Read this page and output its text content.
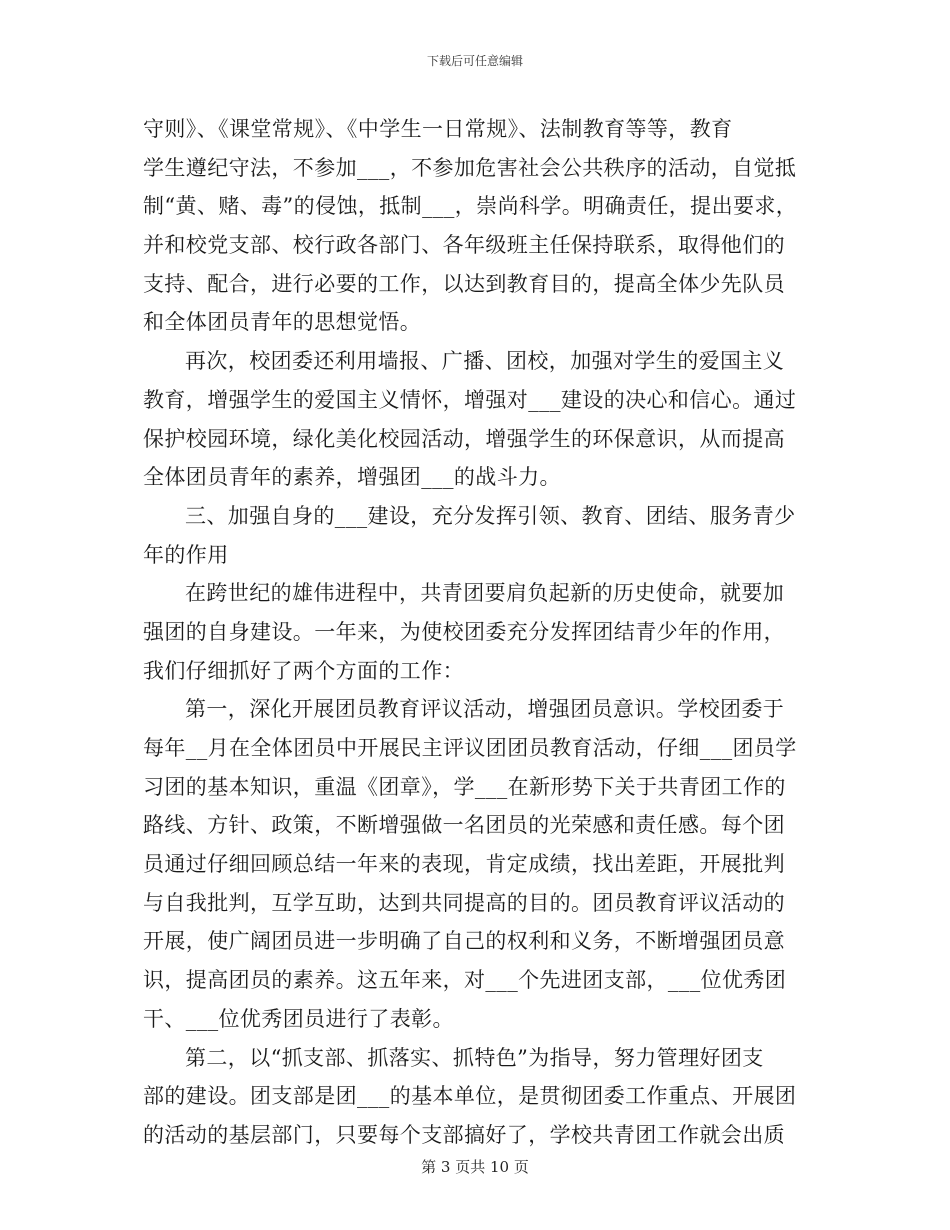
下载后可任意编辑
守则》、《课堂常规》、《中学生一日常规》、法制教育等等，教育
学生遵纪守法，不参加___，不参加危害社会公共秩序的活动，自觉抵
制“黄、赌、毒”的侵蚀，抵制___，崇尚科学。明确责任，提出要求，
并和校党支部、校行政各部门、各年级班主任保持联系，取得他们的
支持、配合，进行必要的工作，以达到教育目的，提高全体少先队员
和全体团员青年的思想觉悟。
再次，校团委还利用墙报、广播、团校，加强对学生的爱国主义
教育，增强学生的爱国主义情怀，增强对___建设的决心和信心。通过
保护校园环境，绿化美化校园活动，增强学生的环保意识，从而提高
全体团员青年的素养，增强团___的战斗力。
三、加强自身的___建设，充分发挥引领、教育、团结、服务青少
年的作用
在跨世纪的雄伟进程中，共青团要肩负起新的历史使命，就要加
强团的自身建设。一年来，为使校团委充分发挥团结青少年的作用，
我们仔细抓好了两个方面的工作：
第一，深化开展团员教育评议活动，增强团员意识。学校团委于
每年__月在全体团员中开展民主评议团团员教育活动，仔细___团员学
习团的基本知识，重温《团章》，学___在新形势下关于共青团工作的
路线、方针、政策，不断增强做一名团员的光荣感和责任感。每个团
员通过仔细回顾总结一年来的表现，肯定成绩，找出差距，开展批判
与自我批判，互学互助，达到共同提高的目的。团员教育评议活动的
开展，使广阔团员进一步明确了自己的权利和义务，不断增强团员意
识，提高团员的素养。这五年来，对___个先进团支部，___位优秀团
干、___位优秀团员进行了表彰。
第二，以“抓支部、抓落实、抓特色”为指导，努力管理好团支
部的建设。团支部是团___的基本单位，是贯彻团委工作重点、开展团
的活动的基层部门，只要每个支部搞好了，学校共青团工作就会出质
第 3 页共 10 页
